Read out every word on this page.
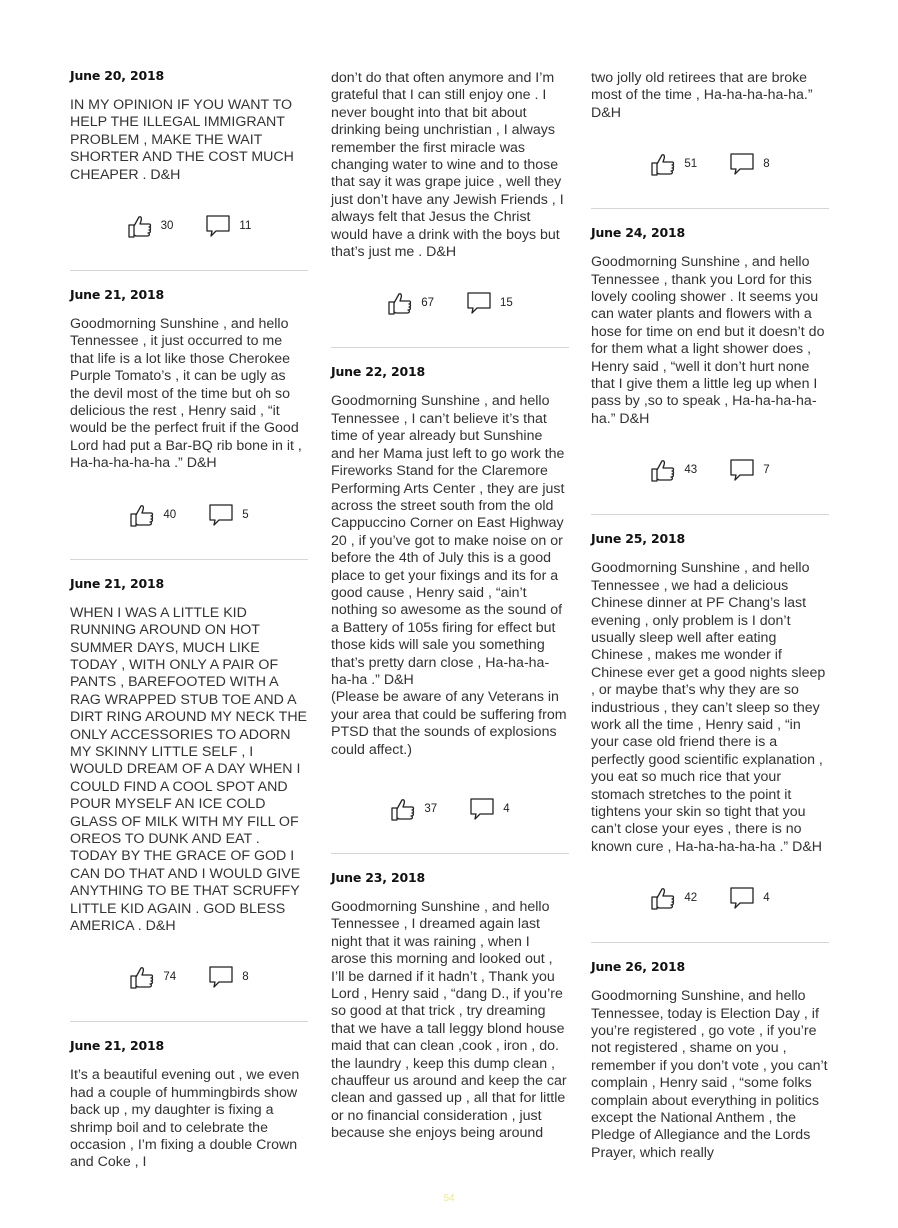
June 20, 2018

IN MY OPINION IF YOU WANT TO HELP THE ILLEGAL IMMIGRANT PROBLEM , MAKE THE WAIT SHORTER AND THE COST MUCH CHEAPER . D&H

30	11

June 21, 2018

Goodmorning Sunshine , and hello Tennessee , it just occurred to me that life is a lot like those Cherokee Purple Tomato’s , it can be ugly as the devil most of the time but oh so delicious the rest , Henry said , “it would be the perfect fruit if the Good Lord had put a Bar-BQ rib bone in it , Ha-ha-ha-ha-ha .” D&H

40	5

June 21, 2018

WHEN I WAS A LITTLE KID RUNNING AROUND ON HOT SUMMER DAYS, MUCH LIKE TODAY , WITH ONLY A PAIR OF PANTS , BAREFOOTED WITH A RAG WRAPPED STUB TOE AND A DIRT RING AROUND MY NECK THE ONLY ACCESSORIES TO ADORN MY SKINNY LITTLE SELF , I WOULD DREAM OF A DAY WHEN I COULD FIND A COOL SPOT AND POUR MYSELF AN ICE COLD GLASS OF MILK WITH MY FILL OF OREOS TO DUNK AND EAT . TODAY BY THE GRACE OF GOD I CAN DO THAT AND I WOULD GIVE ANYTHING TO BE THAT SCRUFFY LITTLE KID AGAIN . GOD BLESS AMERICA . D&H

74	8

June 21, 2018

It’s a beautiful evening out , we even had a couple of hummingbirds show back up , my daughter is fixing a shrimp boil and to celebrate the occasion , I’m fixing a double Crown and Coke , I

don’t do that often anymore and I’m grateful that I can still enjoy one . I never bought into that bit about drinking being unchristian , I always remember the first miracle was changing water to wine and to those that say it was grape juice , well they just don’t have any Jewish Friends , I always felt that Jesus the Christ would have a drink with the boys but that’s just me . D&H

67	15

June 22, 2018

Goodmorning Sunshine , and hello Tennessee , I can’t believe it’s that time of year already but Sunshine and her Mama just left to go work the Fireworks Stand for the Claremore Performing Arts Center , they are just across the street south from the old Cappuccino Corner on East Highway 20 , if you’ve got to make noise on or before the 4th of July this is a good place to get your fixings and its for a good cause , Henry said , “ain’t nothing so awesome as the sound of a Battery of 105s firing for effect but those kids will sale you something that’s pretty darn close , Ha-ha-ha-ha-ha .” D&H
(Please be aware of any Veterans in your area that could be suffering from PTSD that the sounds of explosions could affect.)

37	4

June 23, 2018

Goodmorning Sunshine , and hello Tennessee , I dreamed again last night that it was raining , when I arose this morning and looked out , I’ll be darned if it hadn’t , Thank you Lord , Henry said , “dang D., if you’re so good at that trick , try dreaming that we have a tall leggy blond house maid that can clean ,cook , iron , do. the laundry , keep this dump clean , chauffeur us around and keep the car clean and gassed up , all that for little or no financial consideration , just because she enjoys being around

two jolly old retirees that are broke most of the time , Ha-ha-ha-ha-ha.” D&H

51	8

June 24, 2018

Goodmorning Sunshine , and hello Tennessee , thank you Lord for this lovely cooling shower . It seems you can water plants and flowers with a hose for time on end but it doesn’t do for them what a light shower does , Henry said , “well it don’t hurt none that I give them a little leg up when I pass by ,so to speak , Ha-ha-ha-ha-ha.” D&H

43	7

June 25, 2018

Goodmorning Sunshine , and hello Tennessee , we had a delicious Chinese dinner at PF Chang’s last evening , only problem is I don’t usually sleep well after eating Chinese , makes me wonder if Chinese ever get a good nights sleep , or maybe that’s why they are so industrious , they can’t sleep so they work all the time , Henry said , “in your case old friend there is a perfectly good scientific explanation , you eat so much rice that your stomach stretches to the point it tightens your skin so tight that you can’t close your eyes , there is no known cure , Ha-ha-ha-ha-ha .” D&H

42	4

June 26, 2018

Goodmorning Sunshine, and hello Tennessee, today is Election Day , if you’re registered , go vote , if you’re not registered , shame on you , remember if you don’t vote , you can’t complain , Henry said , “some folks complain about everything in politics except the National Anthem , the Pledge of Allegiance and the Lords Prayer, which really

54
